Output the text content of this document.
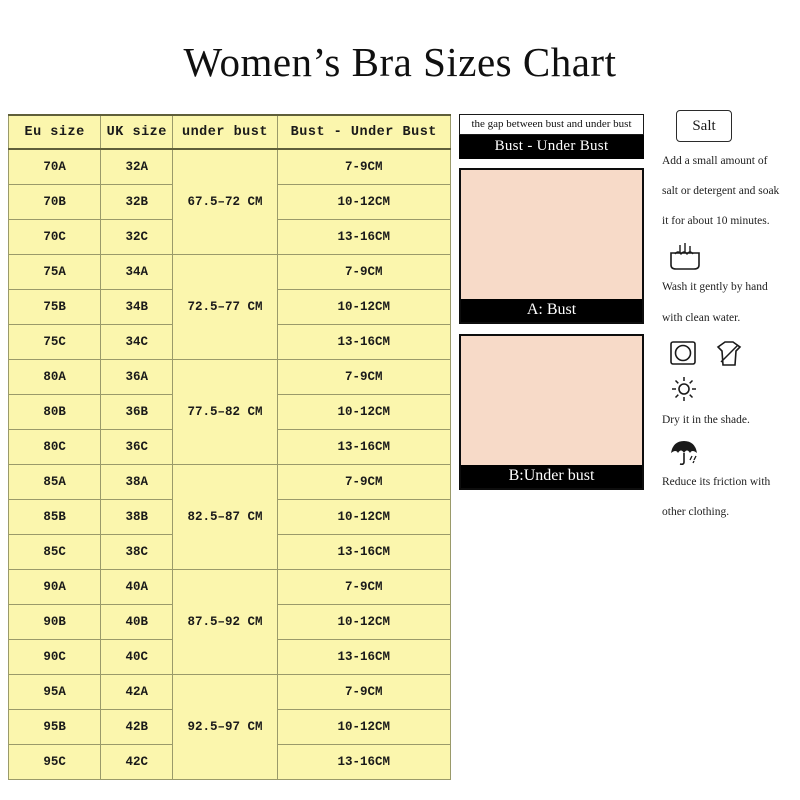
Women’s Bra Sizes Chart
Eu size	UK size	under bust	Bust - Under Bust
70A	32A	67.5–72 CM	7-9CM
70B	32B		10-12CM
70C	32C		13-16CM
75A	34A	72.5–77 CM	7-9CM
75B	34B		10-12CM
75C	34C		13-16CM
80A	36A	77.5–82 CM	7-9CM
80B	36B		10-12CM
80C	36C		13-16CM
85A	38A	82.5–87 CM	7-9CM
85B	38B		10-12CM
85C	38C		13-16CM
90A	40A	87.5–92 CM	7-9CM
90B	40B		10-12CM
90C	40C		13-16CM
95A	42A	92.5–97 CM	7-9CM
95B	42B		10-12CM
95C	42C		13-16CM
the gap between bust and under bust
Bust - Under Bust
A: Bust
B:Under bust
Salt
Add a small amount of
salt or detergent and soak
it for about 10 minutes.
Wash it gently by hand
with clean water.
Dry it in the shade.
Reduce its friction with
other clothing.
